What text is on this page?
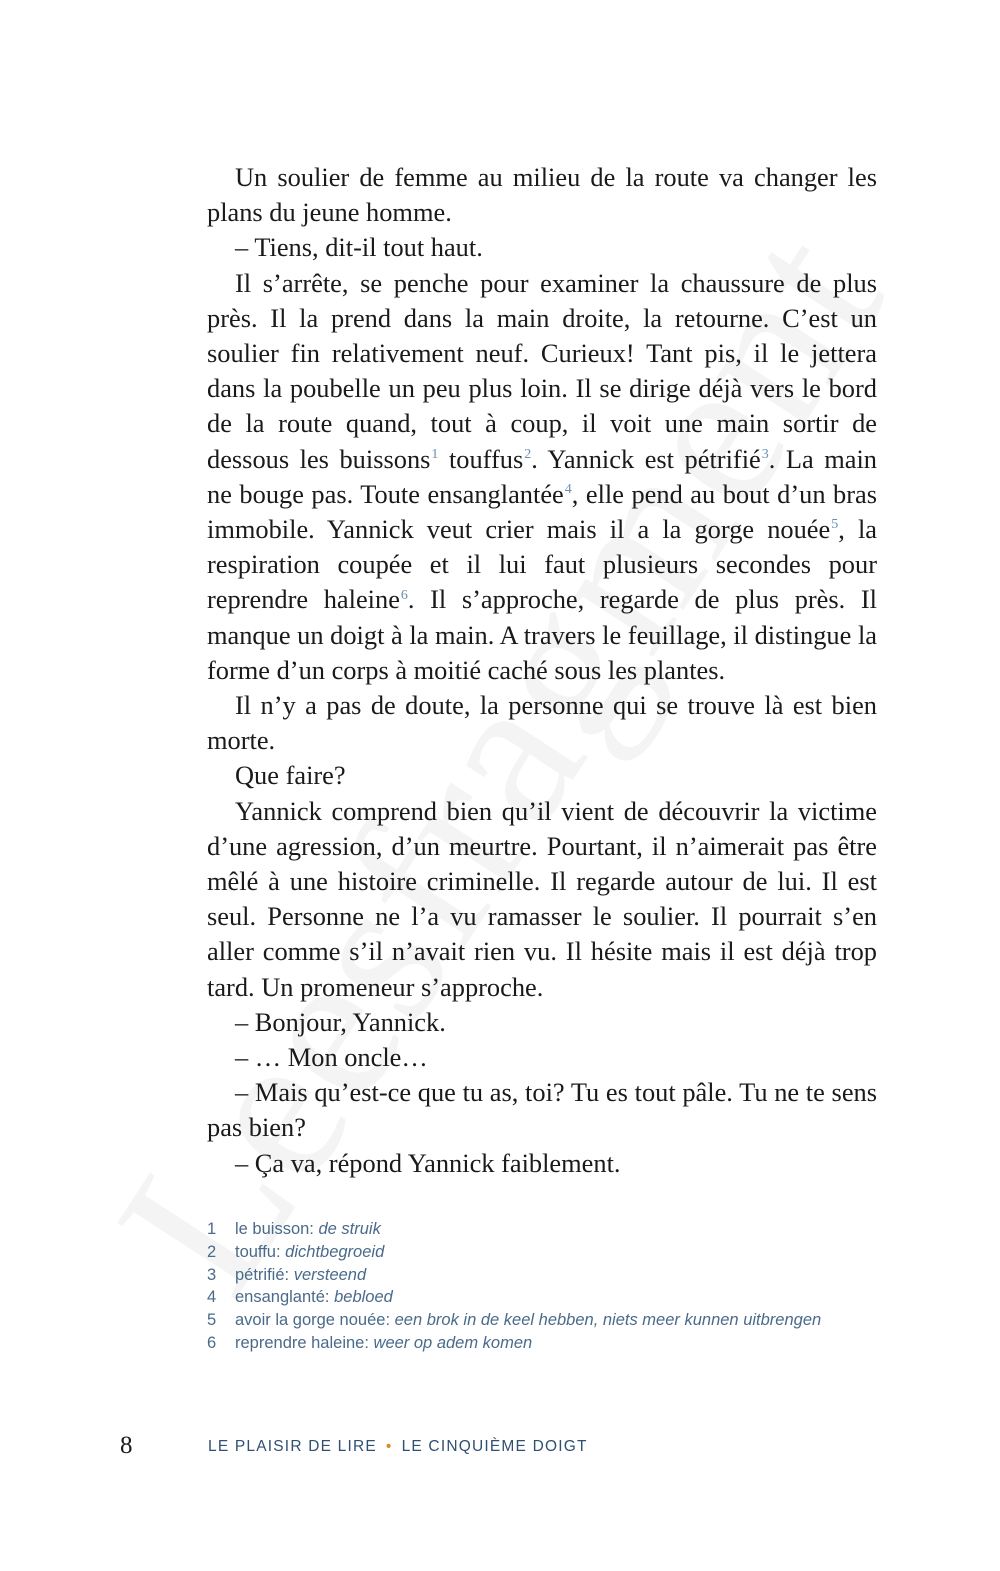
Un soulier de femme au milieu de la route va changer les plans du jeune homme.

– Tiens, dit-il tout haut.

Il s’arrête, se penche pour examiner la chaussure de plus près. Il la prend dans la main droite, la retourne. C’est un soulier fin relativement neuf. Curieux! Tant pis, il le jettera dans la poubelle un peu plus loin. Il se dirige déjà vers le bord de la route quand, tout à coup, il voit une main sortir de dessous les buissons$^1$ touffus$^2$. Yannick est pétrifié$^3$. La main ne bouge pas. Toute ensanglantée$^4$, elle pend au bout d’un bras immobile. Yannick veut crier mais il a la gorge nouée$^5$, la respiration coupée et il lui faut plusieurs secondes pour reprendre haleine$^6$. Il s’approche, regarde de plus près. Il manque un doigt à la main. A travers le feuillage, il distingue la forme d’un corps à moitié caché sous les plantes.

Il n’y a pas de doute, la personne qui se trouve là est bien morte.

Que faire?

Yannick comprend bien qu’il vient de découvrir la victime d’une agression, d’un meurtre. Pourtant, il n’aimerait pas être mêlé à une histoire criminelle. Il regarde autour de lui. Il est seul. Personne ne l’a vu ramasser le soulier. Il pourrait s’en aller comme s’il n’avait rien vu. Il hésite mais il est déjà trop tard. Un promeneur s’approche.

– Bonjour, Yannick.

– … Mon oncle…

– Mais qu’est-ce que tu as, toi? Tu es tout pâle. Tu ne te sens pas bien?

– Ça va, répond Yannick faiblement.

1	le buisson:
de struik
2	touffu:
dichtbegroeid
3	pétrifié:
versteend
4	ensanglanté:
bebloed
5	avoir la gorge nouée:
een brok in de keel hebben, niets meer kunnen uitbrengen
6	reprendre haleine:
weer op adem komen
8	LE PLAISIR DE LIRE • LE CINQUIÈME DOIGT
